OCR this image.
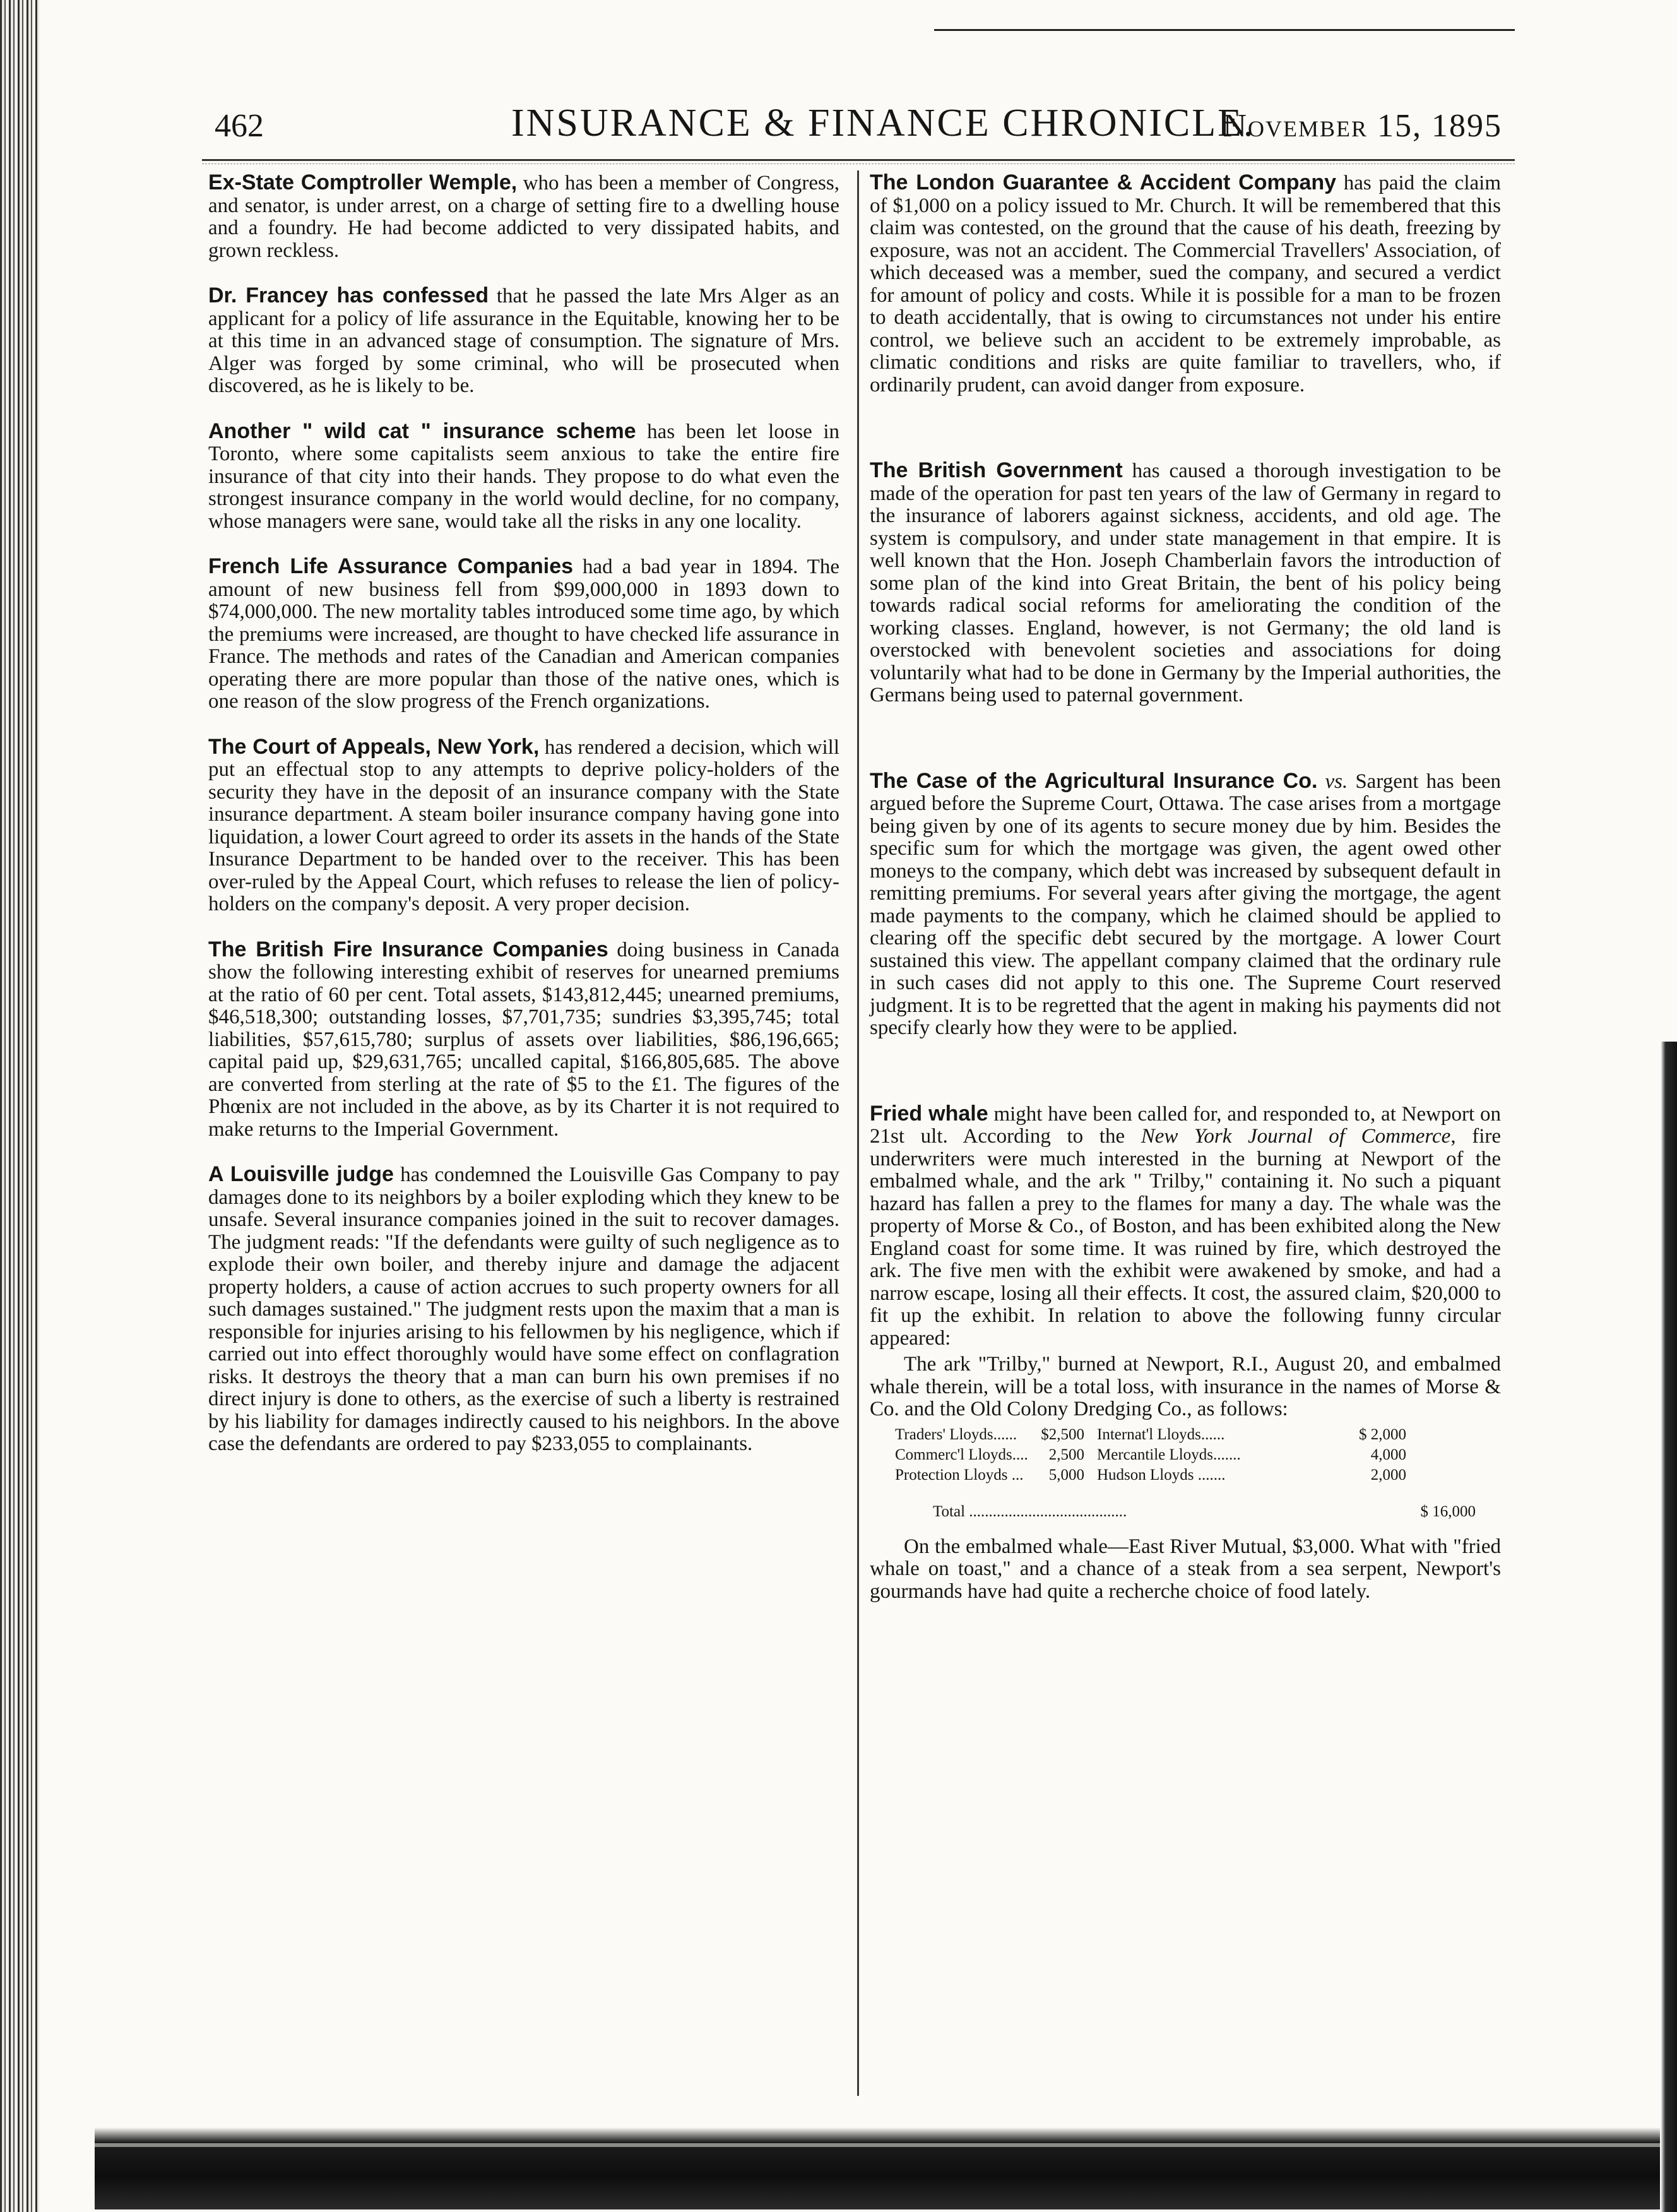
462	INSURANCE & FINANCE CHRONICLE.
November 15, 1895

Ex-State Comptroller Wemple, who has been a member of Congress, and senator, is under arrest, on a charge of setting fire to a dwelling house and a foundry. He had become addicted to very dissipated habits, and grown reckless.

Dr. Francey has confessed that he passed the late Mrs Alger as an applicant for a policy of life assurance in the Equitable, knowing her to be at this time in an advanced stage of consumption. The signature of Mrs. Alger was forged by some criminal, who will be prosecuted when discovered, as he is likely to be.

Another " wild cat " insurance scheme has been let loose in Toronto, where some capitalists seem anxious to take the entire fire insurance of that city into their hands. They propose to do what even the strongest insurance company in the world would decline, for no company, whose managers were sane, would take all the risks in any one locality.

French Life Assurance Companies had a bad year in 1894. The amount of new business fell from $99,000,000 in 1893 down to $74,000,000. The new mortality tables introduced some time ago, by which the premiums were increased, are thought to have checked life assurance in France. The methods and rates of the Canadian and American companies operating there are more popular than those of the native ones, which is one reason of the slow progress of the French organizations.

The Court of Appeals, New York, has rendered a decision, which will put an effectual stop to any attempts to deprive policy-holders of the security they have in the deposit of an insurance company with the State insurance department. A steam boiler insurance company having gone into liquidation, a lower Court agreed to order its assets in the hands of the State Insurance Department to be handed over to the receiver. This has been over-ruled by the Appeal Court, which refuses to release the lien of policy-holders on the company's deposit. A very proper decision.

The British Fire Insurance Companies doing business in Canada show the following interesting exhibit of reserves for unearned premiums at the ratio of 60 per cent. Total assets, $143,812,445; unearned premiums, $46,518,300; outstanding losses, $7,701,735; sundries $3,395,745; total liabilities, $57,615,780; surplus of assets over liabilities, $86,196,665; capital paid up, $29,631,765; uncalled capital, $166,805,685. The above are converted from sterling at the rate of $5 to the £1. The figures of the Phœnix are not included in the above, as by its Charter it is not required to make returns to the Imperial Government.

A Louisville judge has condemned the Louisville Gas Company to pay damages done to its neighbors by a boiler exploding which they knew to be unsafe. Several insurance companies joined in the suit to recover damages. The judgment reads: "If the defendants were guilty of such negligence as to explode their own boiler, and thereby injure and damage the adjacent property holders, a cause of action accrues to such property owners for all such damages sustained." The judgment rests upon the maxim that a man is responsible for injuries arising to his fellowmen by his negligence, which if carried out into effect thoroughly would have some effect on conflagration risks. It destroys the theory that a man can burn his own premises if no direct injury is done to others, as the exercise of such a liberty is restrained by his liability for damages indirectly caused to his neighbors. In the above case the defendants are ordered to pay $233,055 to complainants.

The London Guarantee & Accident Company has paid the claim of $1,000 on a policy issued to Mr. Church. It will be remembered that this claim was contested, on the ground that the cause of his death, freezing by exposure, was not an accident. The Commercial Travellers' Association, of which deceased was a member, sued the company, and secured a verdict for amount of policy and costs. While it is possible for a man to be frozen to death accidentally, that is owing to circumstances not under his entire control, we believe such an accident to be extremely improbable, as climatic conditions and risks are quite familiar to travellers, who, if ordinarily prudent, can avoid danger from exposure.

The British Government has caused a thorough investigation to be made of the operation for past ten years of the law of Germany in regard to the insurance of laborers against sickness, accidents, and old age. The system is compulsory, and under state management in that empire. It is well known that the Hon. Joseph Chamberlain favors the introduction of some plan of the kind into Great Britain, the bent of his policy being towards radical social reforms for ameliorating the condition of the working classes. England, however, is not Germany; the old land is overstocked with benevolent societies and associations for doing voluntarily what had to be done in Germany by the Imperial authorities, the Germans being used to paternal government.

The Case of the Agricultural Insurance Co. vs. Sargent has been argued before the Supreme Court, Ottawa. The case arises from a mortgage being given by one of its agents to secure money due by him. Besides the specific sum for which the mortgage was given, the agent owed other moneys to the company, which debt was increased by subsequent default in remitting premiums. For several years after giving the mortgage, the agent made payments to the company, which he claimed should be applied to clearing off the specific debt secured by the mortgage. A lower Court sustained this view. The appellant company claimed that the ordinary rule in such cases did not apply to this one. The Supreme Court reserved judgment. It is to be regretted that the agent in making his payments did not specify clearly how they were to be applied.

Fried whale might have been called for, and responded to, at Newport on 21st ult. According to the New York Journal of Commerce, fire underwriters were much interested in the burning at Newport of the embalmed whale, and the ark " Trilby," containing it. No such a piquant hazard has fallen a prey to the flames for many a day. The whale was the property of Morse & Co., of Boston, and has been exhibited along the New England coast for some time. It was ruined by fire, which destroyed the ark. The five men with the exhibit were awakened by smoke, and had a narrow escape, losing all their effects. It cost, the assured claim, $20,000 to fit up the exhibit. In relation to above the following funny circular appeared:

The ark "Trilby," burned at Newport, R.I., August 20, and embalmed whale therein, will be a total loss, with insurance in the names of Morse & Co. and the Old Colony Dredging Co., as follows:

Traders' Lloyds......	$2,500 Internat'l Lloyds......	$ 2,000
Commerc'l Lloyds....	2,500 Mercantile Lloyds.......	4,000
Protection Lloyds ...	5,000 Hudson Lloyds .......	2,000
Total ........................................	$ 16,000

On the embalmed whale—East River Mutual, $3,000. What with "fried whale on toast," and a chance of a steak from a sea serpent, Newport's gourmands have had quite a recherche choice of food lately.
